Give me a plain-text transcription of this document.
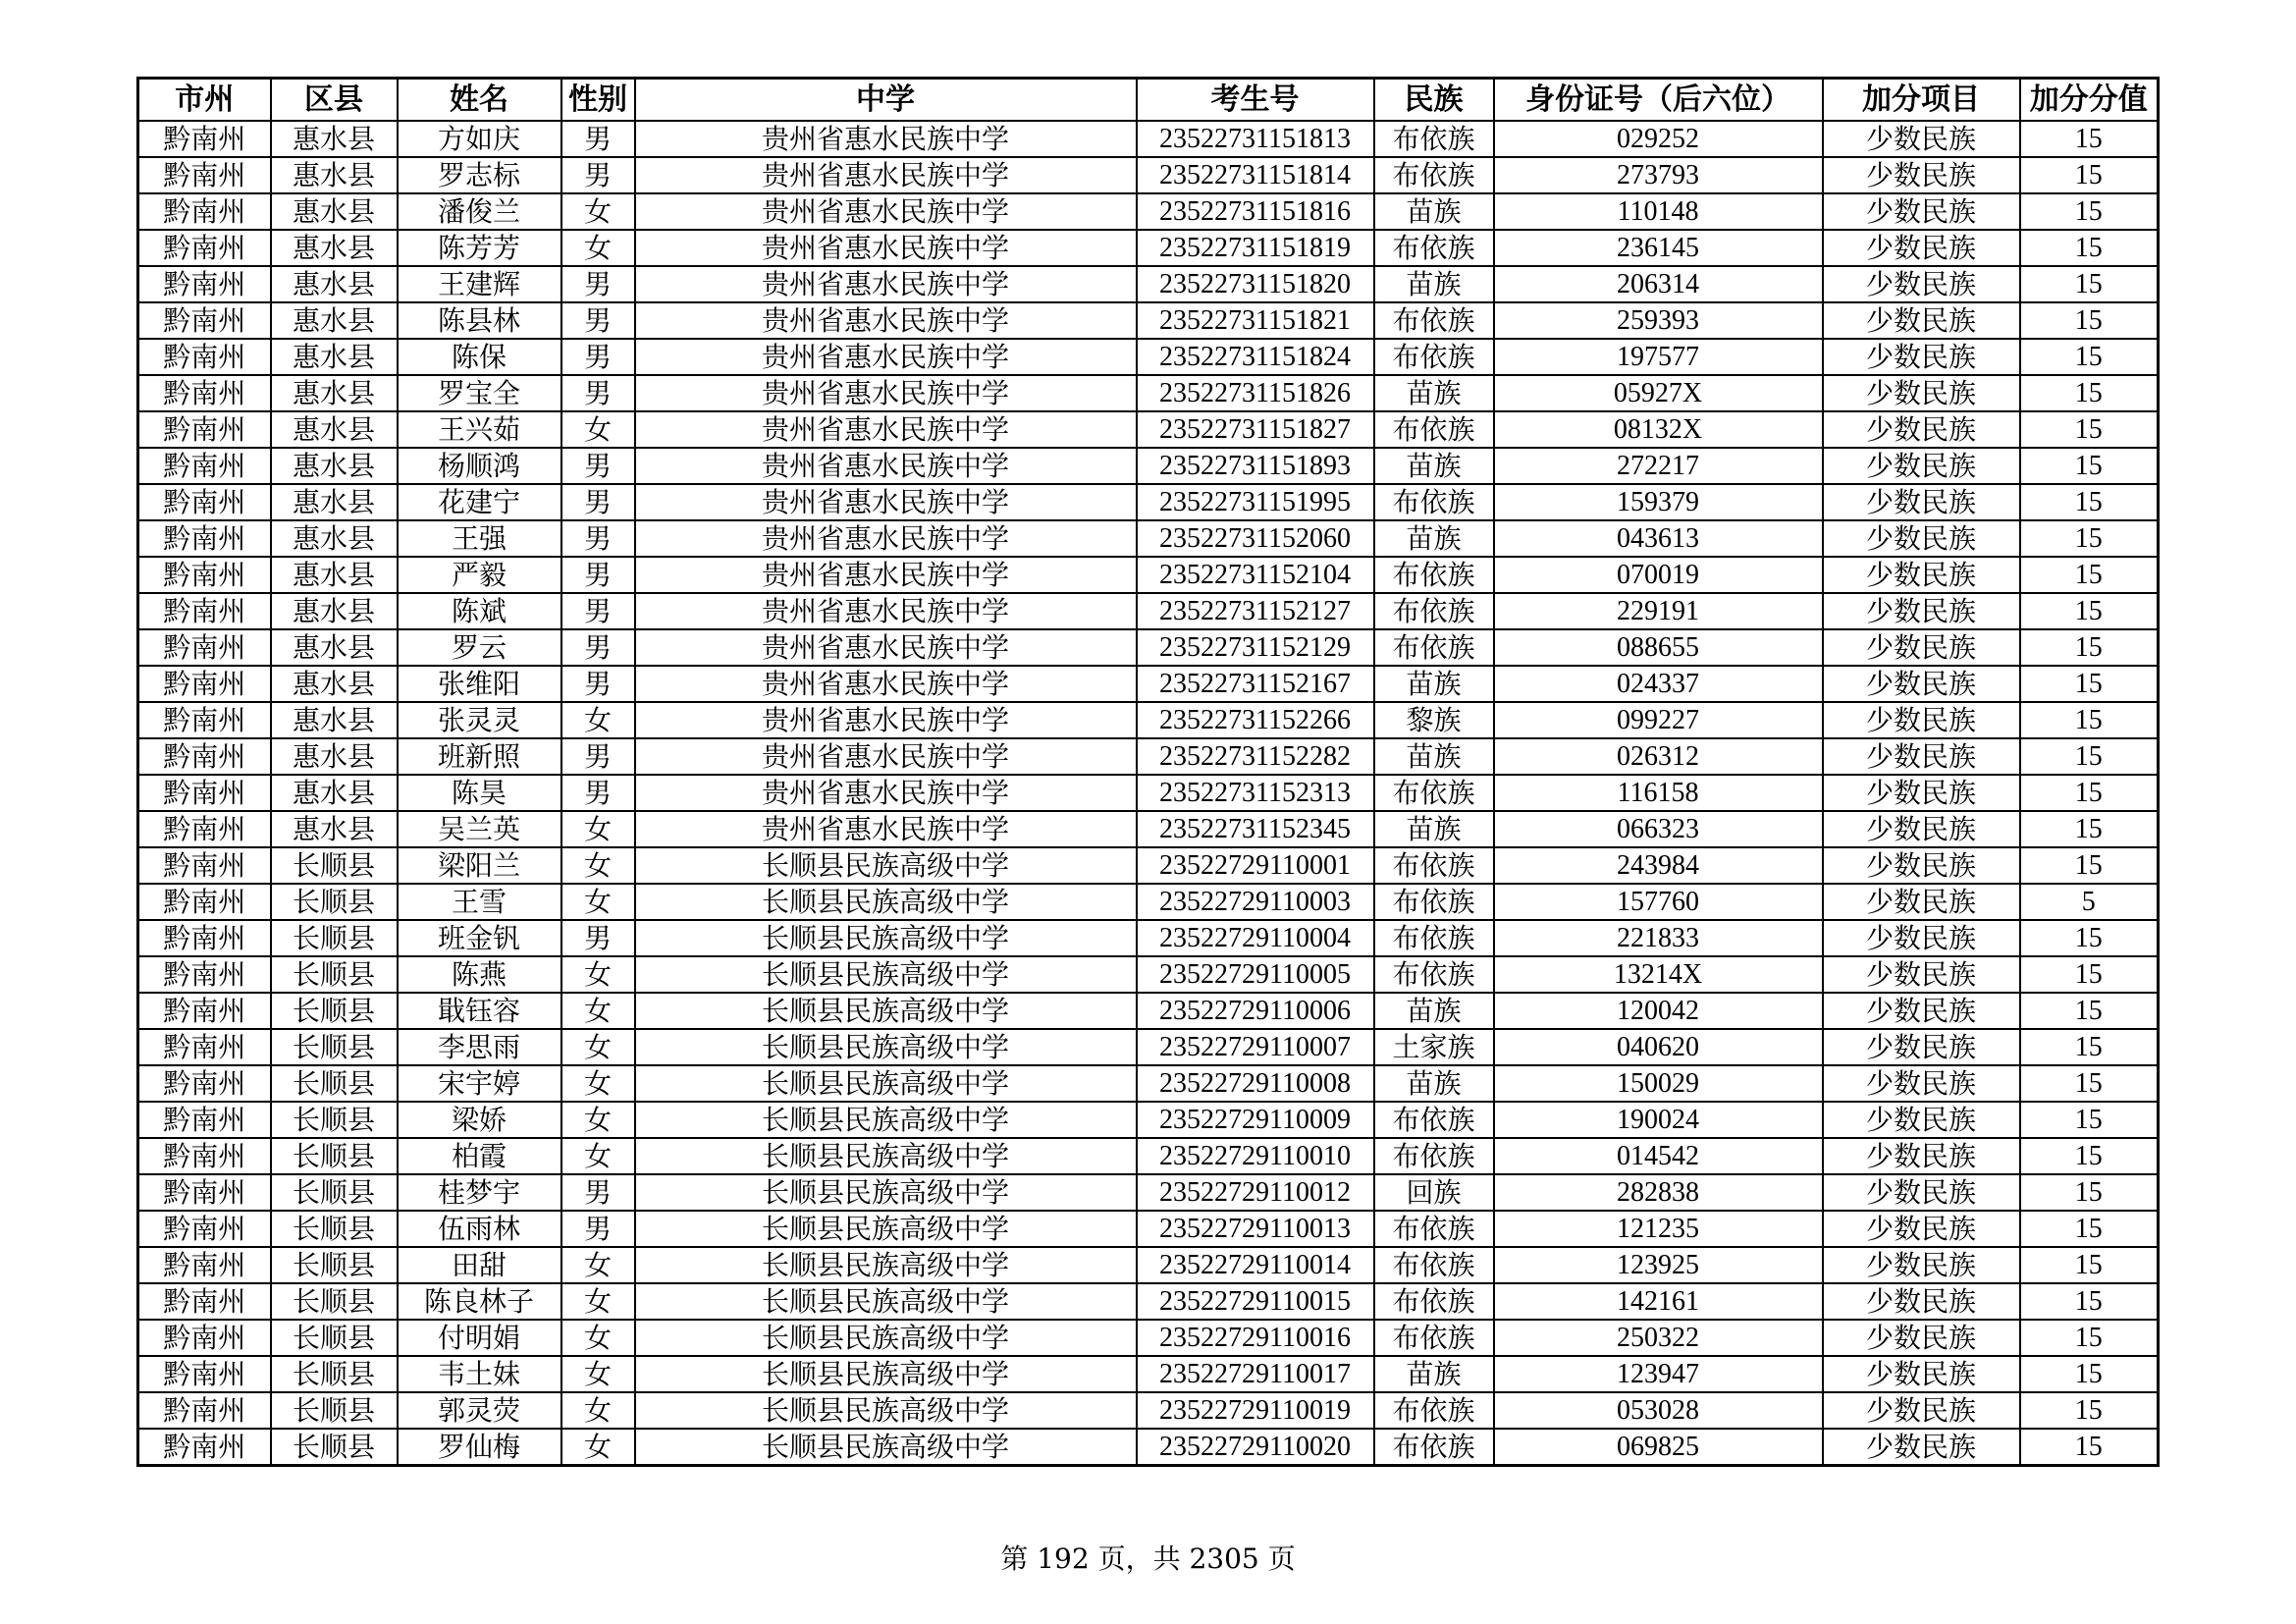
市州	区县	姓名	性别	中学	考生号	民族	身份证号（后六位）	加分项目	加分分值
黔南州	惠水县	方如庆	男	贵州省惠水民族中学	23522731151813	布依族	029252	少数民族	15
黔南州	惠水县	罗志标	男	贵州省惠水民族中学	23522731151814	布依族	273793	少数民族	15
黔南州	惠水县	潘俊兰	女	贵州省惠水民族中学	23522731151816	苗族	110148	少数民族	15
黔南州	惠水县	陈芳芳	女	贵州省惠水民族中学	23522731151819	布依族	236145	少数民族	15
黔南州	惠水县	王建辉	男	贵州省惠水民族中学	23522731151820	苗族	206314	少数民族	15
黔南州	惠水县	陈县林	男	贵州省惠水民族中学	23522731151821	布依族	259393	少数民族	15
黔南州	惠水县	陈保	男	贵州省惠水民族中学	23522731151824	布依族	197577	少数民族	15
黔南州	惠水县	罗宝全	男	贵州省惠水民族中学	23522731151826	苗族	05927X	少数民族	15
黔南州	惠水县	王兴茹	女	贵州省惠水民族中学	23522731151827	布依族	08132X	少数民族	15
黔南州	惠水县	杨顺鸿	男	贵州省惠水民族中学	23522731151893	苗族	272217	少数民族	15
黔南州	惠水县	花建宁	男	贵州省惠水民族中学	23522731151995	布依族	159379	少数民族	15
黔南州	惠水县	王强	男	贵州省惠水民族中学	23522731152060	苗族	043613	少数民族	15
黔南州	惠水县	严毅	男	贵州省惠水民族中学	23522731152104	布依族	070019	少数民族	15
黔南州	惠水县	陈斌	男	贵州省惠水民族中学	23522731152127	布依族	229191	少数民族	15
黔南州	惠水县	罗云	男	贵州省惠水民族中学	23522731152129	布依族	088655	少数民族	15
黔南州	惠水县	张维阳	男	贵州省惠水民族中学	23522731152167	苗族	024337	少数民族	15
黔南州	惠水县	张灵灵	女	贵州省惠水民族中学	23522731152266	黎族	099227	少数民族	15
黔南州	惠水县	班新照	男	贵州省惠水民族中学	23522731152282	苗族	026312	少数民族	15
黔南州	惠水县	陈昊	男	贵州省惠水民族中学	23522731152313	布依族	116158	少数民族	15
黔南州	惠水县	吴兰英	女	贵州省惠水民族中学	23522731152345	苗族	066323	少数民族	15
黔南州	长顺县	梁阳兰	女	长顺县民族高级中学	23522729110001	布依族	243984	少数民族	15
黔南州	长顺县	王雪	女	长顺县民族高级中学	23522729110003	布依族	157760	少数民族	5
黔南州	长顺县	班金钒	男	长顺县民族高级中学	23522729110004	布依族	221833	少数民族	15
黔南州	长顺县	陈燕	女	长顺县民族高级中学	23522729110005	布依族	13214X	少数民族	15
黔南州	长顺县	戢钰容	女	长顺县民族高级中学	23522729110006	苗族	120042	少数民族	15
黔南州	长顺县	李思雨	女	长顺县民族高级中学	23522729110007	土家族	040620	少数民族	15
黔南州	长顺县	宋宇婷	女	长顺县民族高级中学	23522729110008	苗族	150029	少数民族	15
黔南州	长顺县	梁娇	女	长顺县民族高级中学	23522729110009	布依族	190024	少数民族	15
黔南州	长顺县	柏霞	女	长顺县民族高级中学	23522729110010	布依族	014542	少数民族	15
黔南州	长顺县	桂梦宇	男	长顺县民族高级中学	23522729110012	回族	282838	少数民族	15
黔南州	长顺县	伍雨林	男	长顺县民族高级中学	23522729110013	布依族	121235	少数民族	15
黔南州	长顺县	田甜	女	长顺县民族高级中学	23522729110014	布依族	123925	少数民族	15
黔南州	长顺县	陈良林子	女	长顺县民族高级中学	23522729110015	布依族	142161	少数民族	15
黔南州	长顺县	付明娟	女	长顺县民族高级中学	23522729110016	布依族	250322	少数民族	15
黔南州	长顺县	韦土妹	女	长顺县民族高级中学	23522729110017	苗族	123947	少数民族	15
黔南州	长顺县	郭灵荧	女	长顺县民族高级中学	23522729110019	布依族	053028	少数民族	15
黔南州	长顺县	罗仙梅	女	长顺县民族高级中学	23522729110020	布依族	069825	少数民族	15
第 192 页，共 2305 页
